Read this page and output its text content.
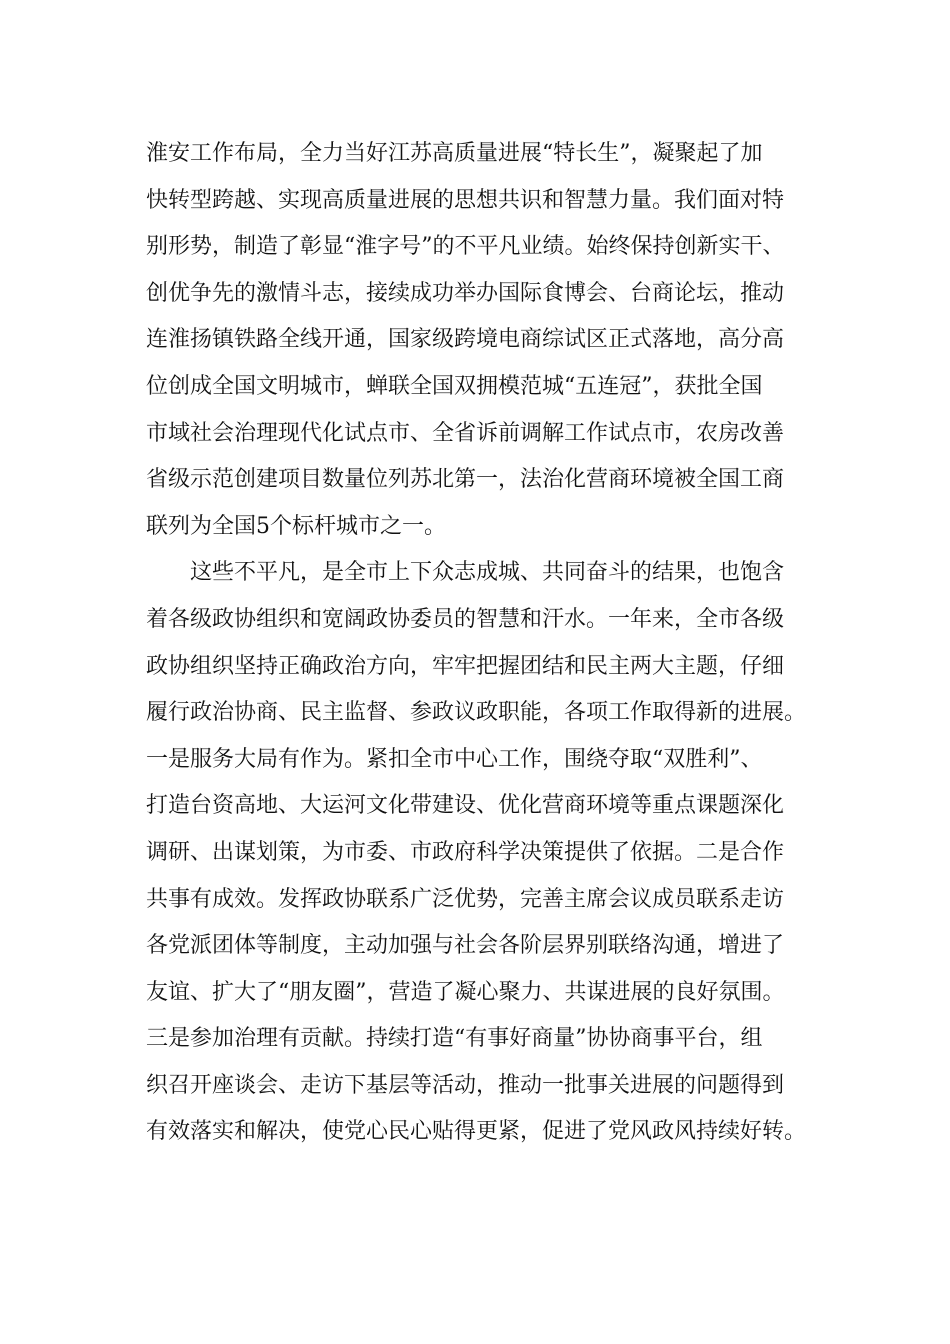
淮安工作布局，全力当好江苏高质量进展“特长生”，凝聚起了加
快转型跨越、实现高质量进展的思想共识和智慧力量。我们面对特
别形势，制造了彰显“淮字号”的不平凡业绩。始终保持创新实干、
创优争先的激情斗志，接续成功举办国际食博会、台商论坛，推动
连淮扬镇铁路全线开通，国家级跨境电商综试区正式落地，高分高
位创成全国文明城市，蝉联全国双拥模范城“五连冠”，获批全国
市域社会治理现代化试点市、全省诉前调解工作试点市，农房改善
省级示范创建项目数量位列苏北第一，法治化营商环境被全国工商
联列为全国5个标杆城市之一。
这些不平凡，是全市上下众志成城、共同奋斗的结果，也饱含
着各级政协组织和宽阔政协委员的智慧和汗水。一年来，全市各级
政协组织坚持正确政治方向，牢牢把握团结和民主两大主题，仔细
履行政治协商、民主监督、参政议政职能，各项工作取得新的进展。
一是服务大局有作为。紧扣全市中心工作，围绕夺取“双胜利”、
打造台资高地、大运河文化带建设、优化营商环境等重点课题深化
调研、出谋划策，为市委、市政府科学决策提供了依据。二是合作
共事有成效。发挥政协联系广泛优势，完善主席会议成员联系走访
各党派团体等制度，主动加强与社会各阶层界别联络沟通，增进了
友谊、扩大了“朋友圈”，营造了凝心聚力、共谋进展的良好氛围。
三是参加治理有贡献。持续打造“有事好商量”协协商事平台，组
织召开座谈会、走访下基层等活动，推动一批事关进展的问题得到
有效落实和解决，使党心民心贴得更紧，促进了党风政风持续好转。
